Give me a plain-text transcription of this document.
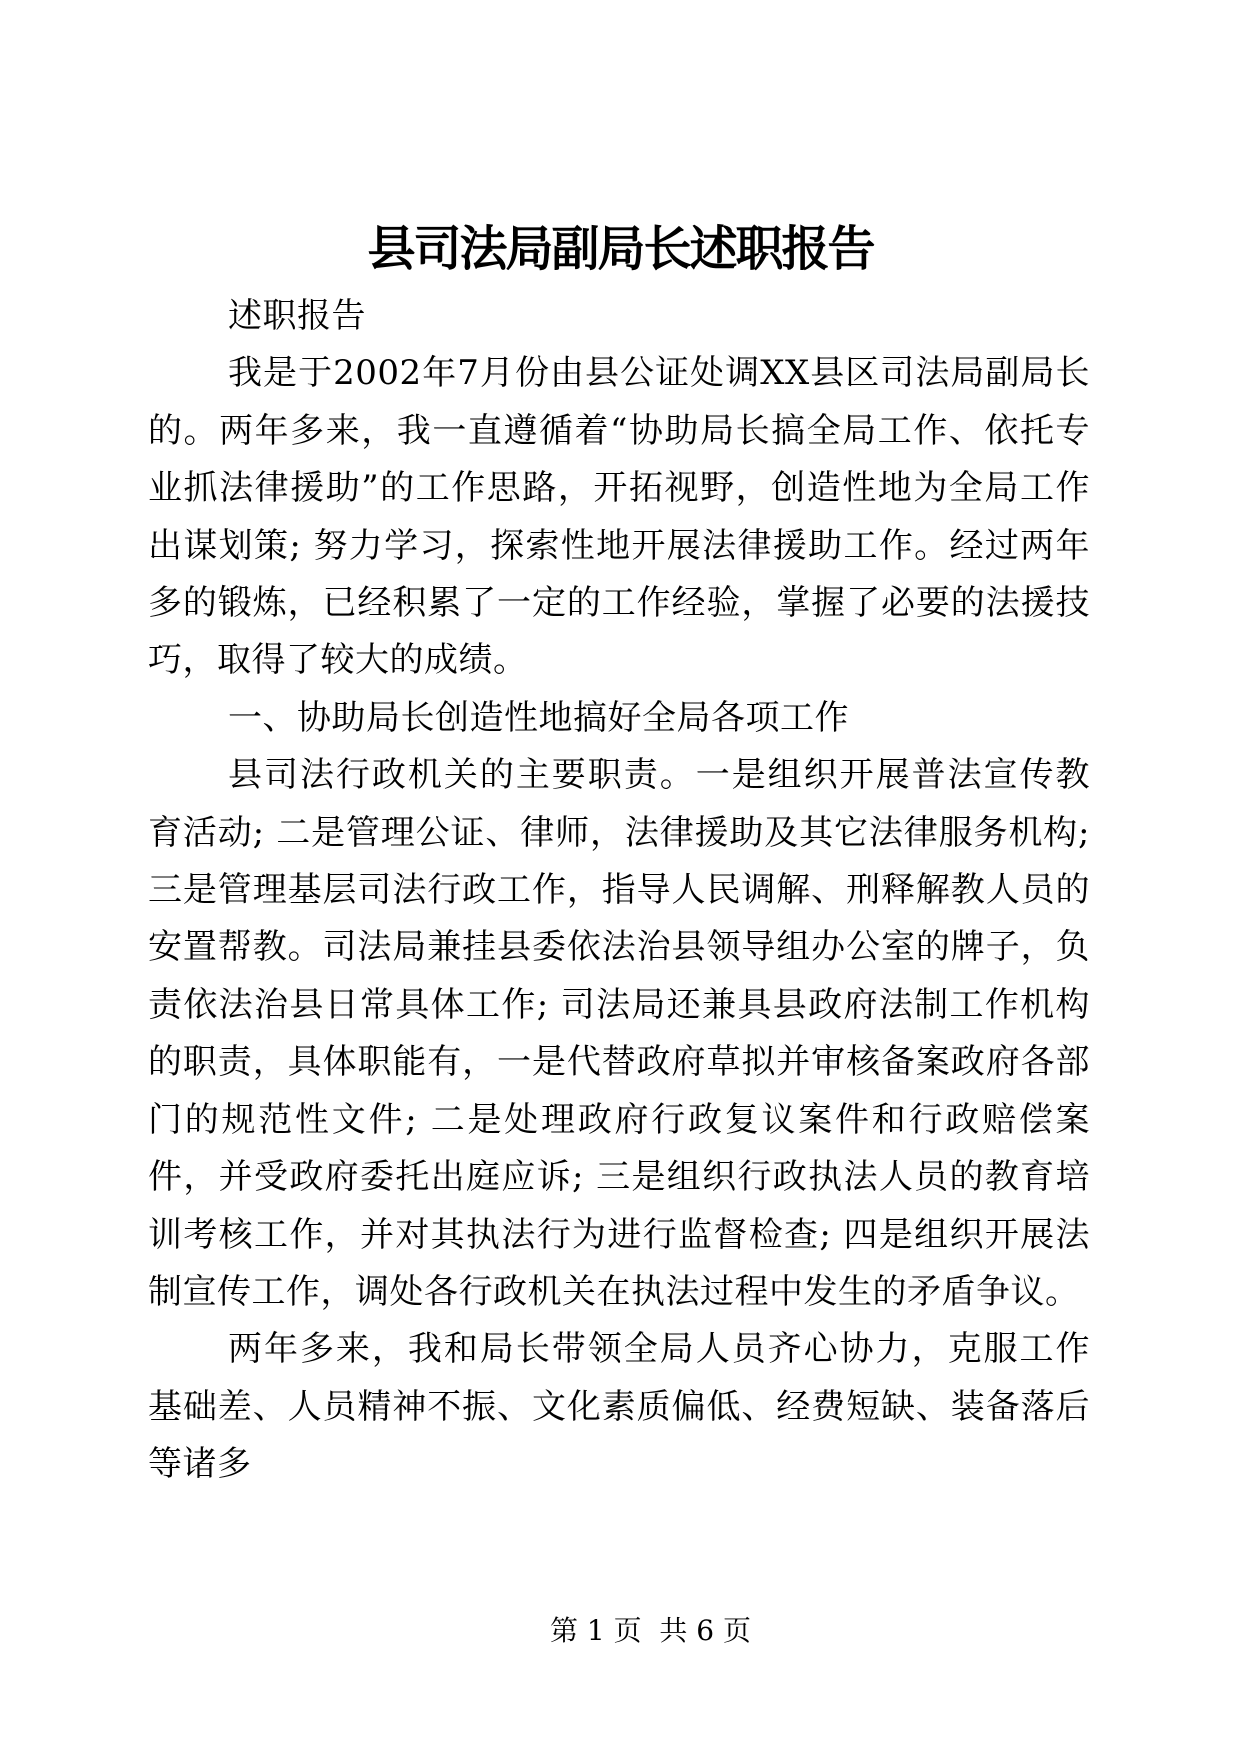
县司法局副局长述职报告

述职报告

我是于2002年7月份由县公证处调XX县区司法局副局长的。两年多来，我一直遵循着“协助局长搞全局工作、依托专业抓法律援助”的工作思路，开拓视野，创造性地为全局工作出谋划策; 努力学习，探索性地开展法律援助工作。经过两年多的锻炼，已经积累了一定的工作经验，掌握了必要的法援技巧，取得了较大的成绩。

一、协助局长创造性地搞好全局各项工作

县司法行政机关的主要职责。一是组织开展普法宣传教育活动; 二是管理公证、律师，法律援助及其它法律服务机构; 三是管理基层司法行政工作，指导人民调解、刑释解教人员的安置帮教。司法局兼挂县委依法治县领导组办公室的牌子，负责依法治县日常具体工作; 司法局还兼具县政府法制工作机构的职责，具体职能有，一是代替政府草拟并审核备案政府各部门的规范性文件; 二是处理政府行政复议案件和行政赔偿案件，并受政府委托出庭应诉; 三是组织行政执法人员的教育培训考核工作，并对其执法行为进行监督检查; 四是组织开展法制宣传工作，调处各行政机关在执法过程中发生的矛盾争议。

两年多来，我和局长带领全局人员齐心协力，克服工作基础差、人员精神不振、文化素质偏低、经费短缺、装备落后等诸多

第 1 页  共 6 页
